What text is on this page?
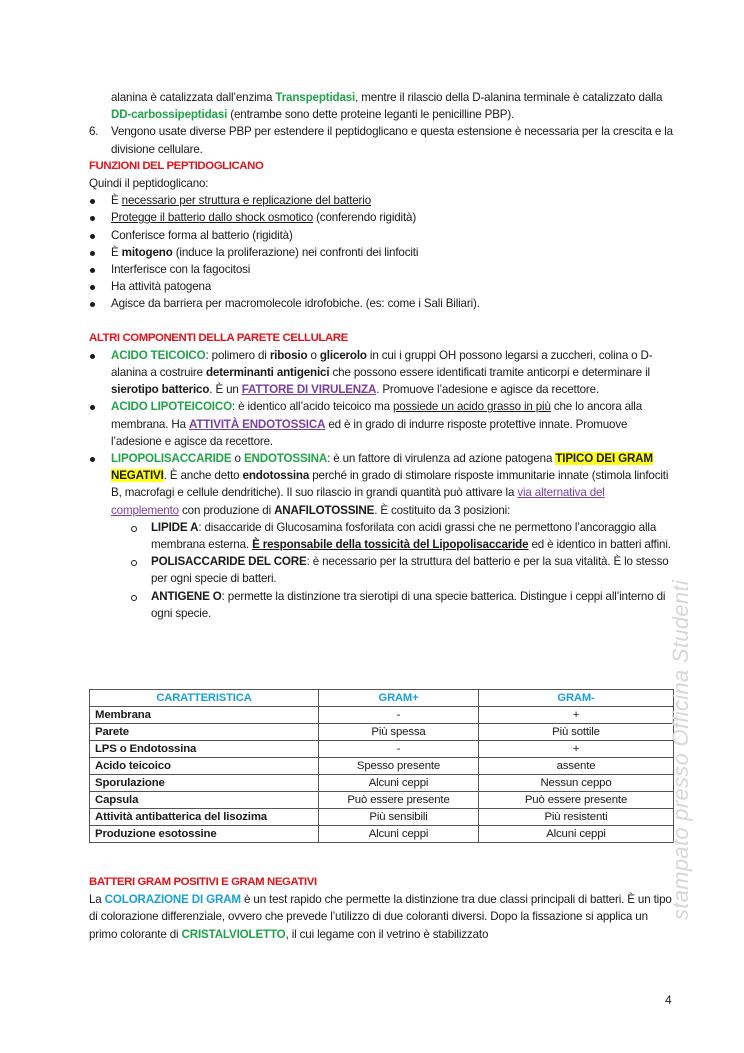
alanina è catalizzata dall’enzima Transpeptidasi, mentre il rilascio della D-alanina terminale è catalizzato dalla DD-carbossipeptidasi (entrambe sono dette proteine leganti le penicilline PBP).

6.	Vengono usate diverse PBP per estendere il peptidoglicano e questa estensione è necessaria per la crescita e la divisione cellulare.

FUNZIONI DEL PEPTIDOGLICANO

Quindi il peptidoglicano:

È necessario per struttura e replicazione del batterio
Protegge il batterio dallo shock osmotico (conferendo rigidità)
Conferisce forma al batterio (rigidità)
È mitogeno (induce la proliferazione) nei confronti dei linfociti
Interferisce con la fagocitosi
Ha attività patogena
Agisce da barriera per macromolecole idrofobiche. (es: come i Sali Biliari).

ALTRI COMPONENTI DELLA PARETE CELLULARE

ACIDO TEICOICO: polimero di ribosio o glicerolo in cui i gruppi OH possono legarsi a zuccheri, colina o D-alanina a costruire determinanti antigenici che possono essere identificati tramite anticorpi e determinare il sierotipo batterico. È un FATTORE DI VIRULENZA. Promuove l’adesione e agisce da recettore.
ACIDO LIPOTEICOICO: è identico all’acido teicoico ma possiede un acido grasso in più che lo ancora alla membrana. Ha ATTIVITÀ ENDOTOSSICA ed è in grado di indurre risposte protettive innate. Promuove l’adesione e agisce da recettore.
LIPOPOLISACCARIDE o ENDOTOSSINA: è un fattore di virulenza ad azione patogena TIPICO DEI GRAM NEGATIVI. È anche detto endotossina perché in grado di stimolare risposte immunitarie innate (stimola linfociti B, macrofagi e cellule dendritiche). Il suo rilascio in grandi quantità può attivare la via alternativa del complemento con produzione di ANAFILOTOSSINE. È costituito da 3 posizioni:
LIPIDE A: disaccaride di Glucosamina fosforilata con acidi grassi che ne permettono l’ancoraggio alla membrana esterna. È responsabile della tossicità del Lipopolisaccaride ed è identico in batteri affini.
POLISACCARIDE DEL CORE: è necessario per la struttura del batterio e per la sua vitalità. È lo stesso per ogni specie di batteri.
ANTIGENE O: permette la distinzione tra sierotipi di una specie batterica. Distingue i ceppi all’interno di ogni specie.
CARATTERISTICA	GRAM+	GRAM-
Membrana	-	+
Parete	Più spessa	Più sottile
LPS o Endotossina	-	+
Acido teicoico	Spesso presente	assente
Sporulazione	Alcuni ceppi	Nessun ceppo
Capsula	Può essere presente	Può essere presente
Attività antibatterica del lisozima	Più sensibili	Più resistenti
Produzione esotossine	Alcuni ceppi	Alcuni ceppi

BATTERI GRAM POSITIVI E GRAM NEGATIVI

La COLORAZIONE DI GRAM è un test rapido che permette la distinzione tra due classi principali di batteri. È un tipo di colorazione differenziale, ovvero che prevede l’utilizzo di due coloranti diversi. Dopo la fissazione si applica un primo colorante di CRISTALVIOLETTO, il cui legame con il vetrino è stabilizzato

stampato presso Officina Studenti
4
